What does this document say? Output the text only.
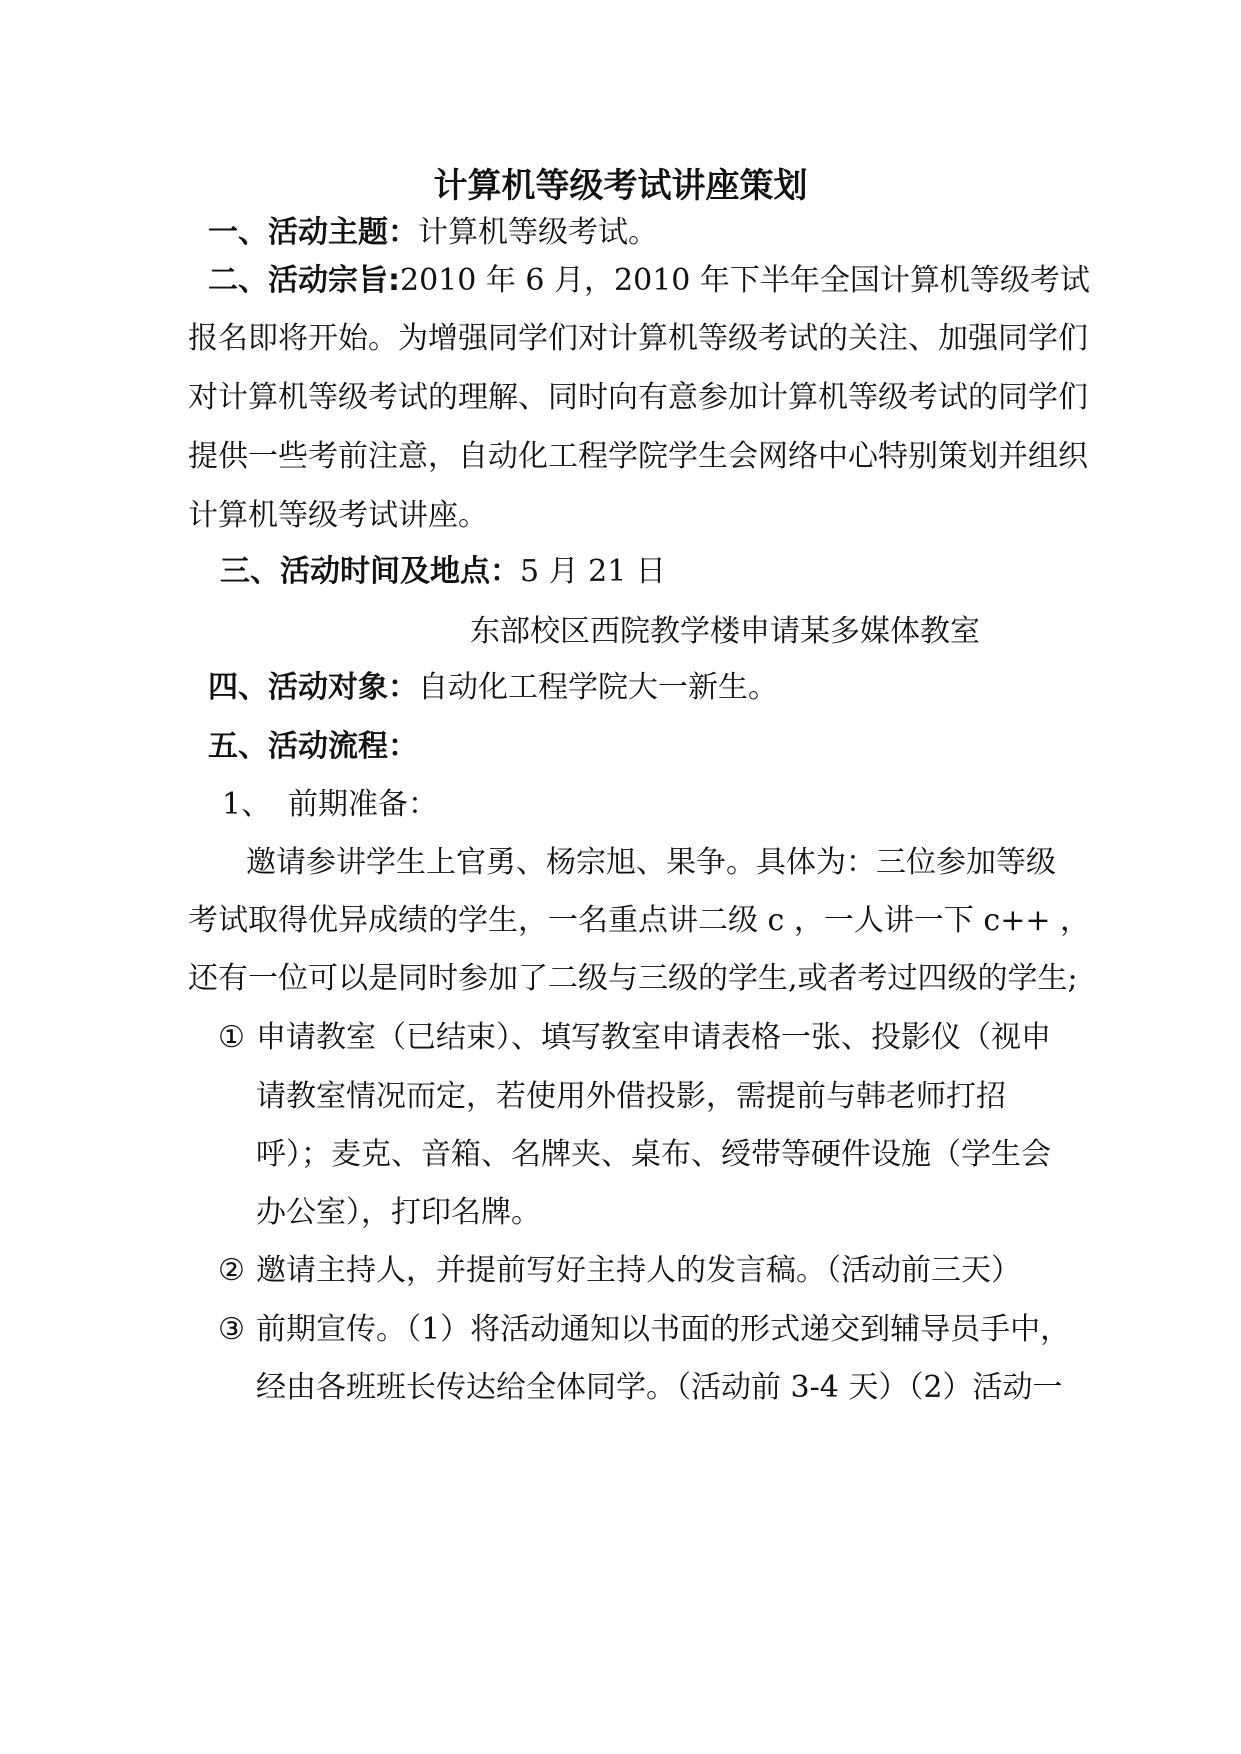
计算机等级考试讲座策划
一、活动主题：计算机等级考试。
二、活动宗旨:2010 年 6 月，2010 年下半年全国计算机等级考试
报名即将开始。为增强同学们对计算机等级考试的关注、加强同学们
对计算机等级考试的理解、同时向有意参加计算机等级考试的同学们
提供一些考前注意，自动化工程学院学生会网络中心特别策划并组织
计算机等级考试讲座。
三、活动时间及地点：5 月 21 日
东部校区西院教学楼申请某多媒体教室
四、活动对象：自动化工程学院大一新生。
五、活动流程：
1、 前期准备：
邀请参讲学生上官勇、杨宗旭、果争。具体为：三位参加等级
考试取得优异成绩的学生，一名重点讲二级 c ，一人讲一下 c++ ，
还有一位可以是同时参加了二级与三级的学生,或者考过四级的学生;
① 申请教室（已结束）、填写教室申请表格一张、投影仪（视申
请教室情况而定，若使用外借投影，需提前与韩老师打招
呼）；麦克、音箱、名牌夹、桌布、绶带等硬件设施（学生会
办公室），打印名牌。
② 邀请主持人，并提前写好主持人的发言稿。（活动前三天）
③ 前期宣传。（1）将活动通知以书面的形式递交到辅导员手中，
经由各班班长传达给全体同学。（活动前 3-4 天）（2）活动一
